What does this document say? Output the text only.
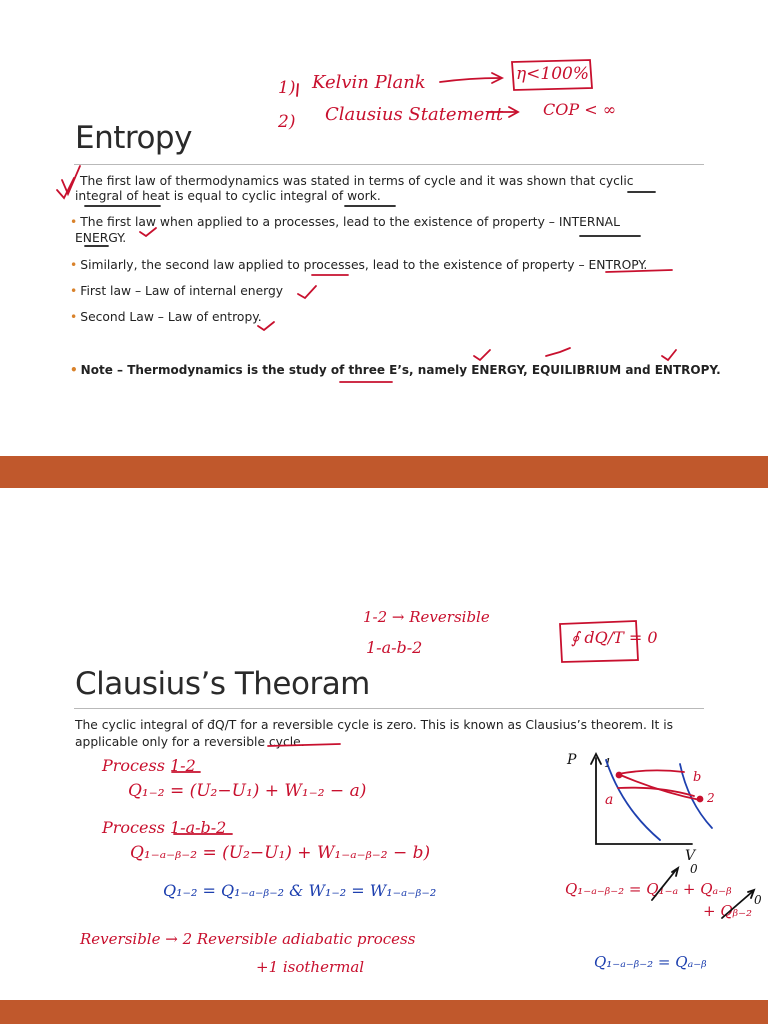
Entropy
The first law of thermodynamics was stated in terms of cycle and it was shown that cyclic
integral of heat is equal to cyclic integral of work.
• The first law when applied to a processes, lead to the existence of property – INTERNAL
ENERGY.
• Similarly, the second law applied to processes, lead to the existence of property – ENTROPY.
• First law – Law of internal energy
• Second Law – Law of entropy.
• Note – Thermodynamics is the study of three E’s, namely ENERGY, EQUILIBRIUM and ENTROPY.
1) Kelvin Plank	η<100%
2) Clausius Statement COP < ∞
Clausius’s Theoram
The cyclic integral of đQ/T for a reversible cycle is zero. This is known as Clausius’s theorem. It is
applicable only for a reversible cycle.
1-2 → Reversible
1-a-b-2
∮ dQ/T = 0
Process 1-2
Q₁₋₂ = (U₂−U₁) + W₁₋₂ − a)
Process 1-a-b-2
Q₁₋ₐ₋ᵦ₋₂ = (U₂−U₁) + W₁₋ₐ₋ᵦ₋₂ − b)
Q₁₋₂ = Q₁₋ₐ₋ᵦ₋₂ & W₁₋₂ = W₁₋ₐ₋ᵦ₋₂
Reversible → 2 Reversible adiabatic process
+1 isothermal
Q₁₋ₐ₋ᵦ₋₂ = Q₁₋ₐ + Qₐ₋ᵦ
+ Qᵦ₋₂
Q₁₋ₐ₋ᵦ₋₂ = Qₐ₋ᵦ
P
V
1
2
a
b
0
0
